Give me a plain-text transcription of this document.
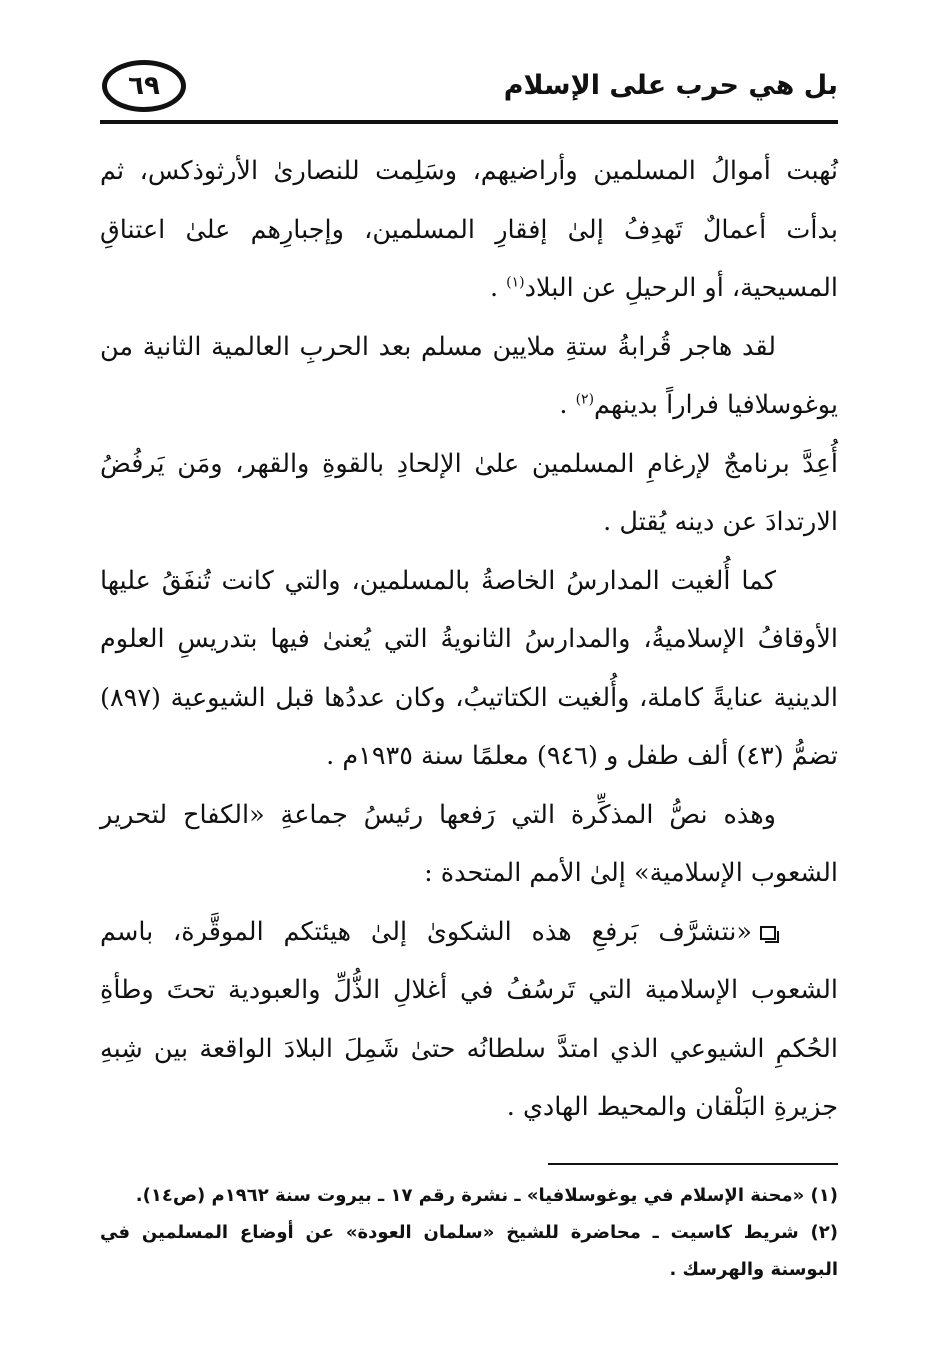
بل هي حرب على الإسلام
٦٩

نُهبت أموالُ المسلمين وأراضيهم، وسَلِمت للنصارىٰ الأرثوذكس، ثم بدأت أعمالٌ تَهدِفُ إلىٰ إفقارِ المسلمين، وإجبارِهم علىٰ اعتناقِ المسيحية، أو الرحيلِ عن البلاد$^{(١)}$ .

لقد هاجر قُرابةُ ستةِ ملايين مسلم بعد الحربِ العالمية الثانية من يوغوسلافيا فراراً بدينهم$^{(٢)}$ .

أُعِدَّ برنامجٌ لإرغامِ المسلمين علىٰ الإلحادِ بالقوةِ والقهر، ومَن يَرفُضُ الارتدادَ عن دينه يُقتل .

كما أُلغيت المدارسُ الخاصةُ بالمسلمين، والتي كانت تُنفَقُ عليها الأوقافُ الإسلاميةُ، والمدارسُ الثانويةُ التي يُعنىٰ فيها بتدريسِ العلوم الدينية عنايةً كاملة، وأُلغيت الكتاتيبُ، وكان عددُها قبل الشيوعية (٨٩٧) تضمُّ (٤٣) ألف طفل و (٩٤٦) معلمًا سنة ١٩٣٥م .

وهذه نصُّ المذكِّرة التي رَفعها رئيسُ جماعةِ «الكفاح لتحرير الشعوب الإسلامية» إلىٰ الأمم المتحدة :

«نتشرَّف بَرفعِ هذه الشكوىٰ إلىٰ هيئتكم الموقَّرة، باسم الشعوب الإسلامية التي تَرسُفُ في أغلالِ الذُّلِّ والعبودية تحتَ وطأةِ الحُكمِ الشيوعي الذي امتدَّ سلطانُه حتىٰ شَمِلَ البلادَ الواقعة بين شِبهِ جزيرةِ البَلْقان والمحيط الهادي .

(١) «محنة الإسلام في يوغوسلافيا» ـ نشرة رقم ١٧ ـ بيروت سنة ١٩٦٢م (ص١٤).
(٢) شريط كاسيت ـ محاضرة للشيخ «سلمان العودة» عن أوضاع المسلمين في البوسنة والهرسك .
